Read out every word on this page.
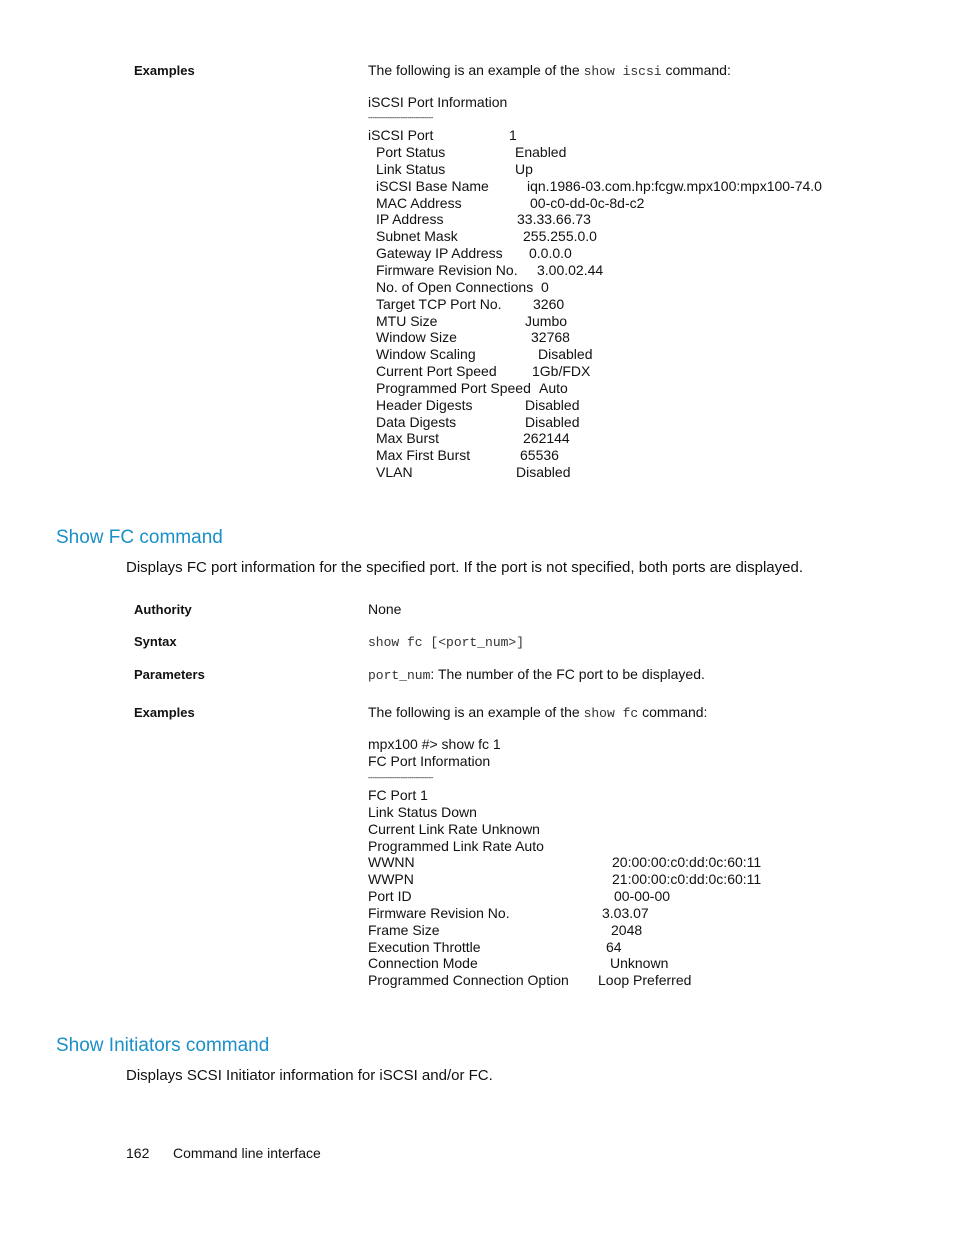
Examples	The following is an example of the show iscsi command:
iSCSI Port Information
------------------------------
iSCSI Port	1
Port Status	Enabled
Link Status	Up
iSCSI Base Name	iqn.1986-03.com.hp:fcgw.mpx100:mpx100-74.0
MAC Address	00-c0-dd-0c-8d-c2
IP Address	33.33.66.73
Subnet Mask	255.255.0.0
Gateway IP Address 0.0.0.0
Firmware Revision No. 3.00.02.44
No. of Open Connections 0
Target TCP Port No. 3260
MTU Size	Jumbo
Window Size	32768
Window Scaling	Disabled
Current Port Speed	1Gb/FDX
Programmed Port Speed Auto
Header Digests	Disabled
Data Digests	Disabled
Max Burst	262144
Max First Burst	65536
VLAN	Disabled
Show FC command
Displays FC port information for the specified port. If the port is not specified, both ports are displayed.
Authority	None
Syntax	show fc [<port_num>]
Parameters	port_num: The number of the FC port to be displayed.
Examples	The following is an example of the show fc command:
mpx100 #> show fc 1
FC Port Information
------------------------------
FC Port 1
Link Status Down
Current Link Rate Unknown
Programmed Link Rate Auto
WWNN	20:00:00:c0:dd:0c:60:11
WWPN	21:00:00:c0:dd:0c:60:11
Port ID	00-00-00
Firmware Revision No.	3.03.07
Frame Size	2048
Execution Throttle	64
Connection Mode	Unknown
Programmed Connection Option Loop Preferred
Show Initiators command
Displays SCSI Initiator information for iSCSI and/or FC.
162 Command line interface
